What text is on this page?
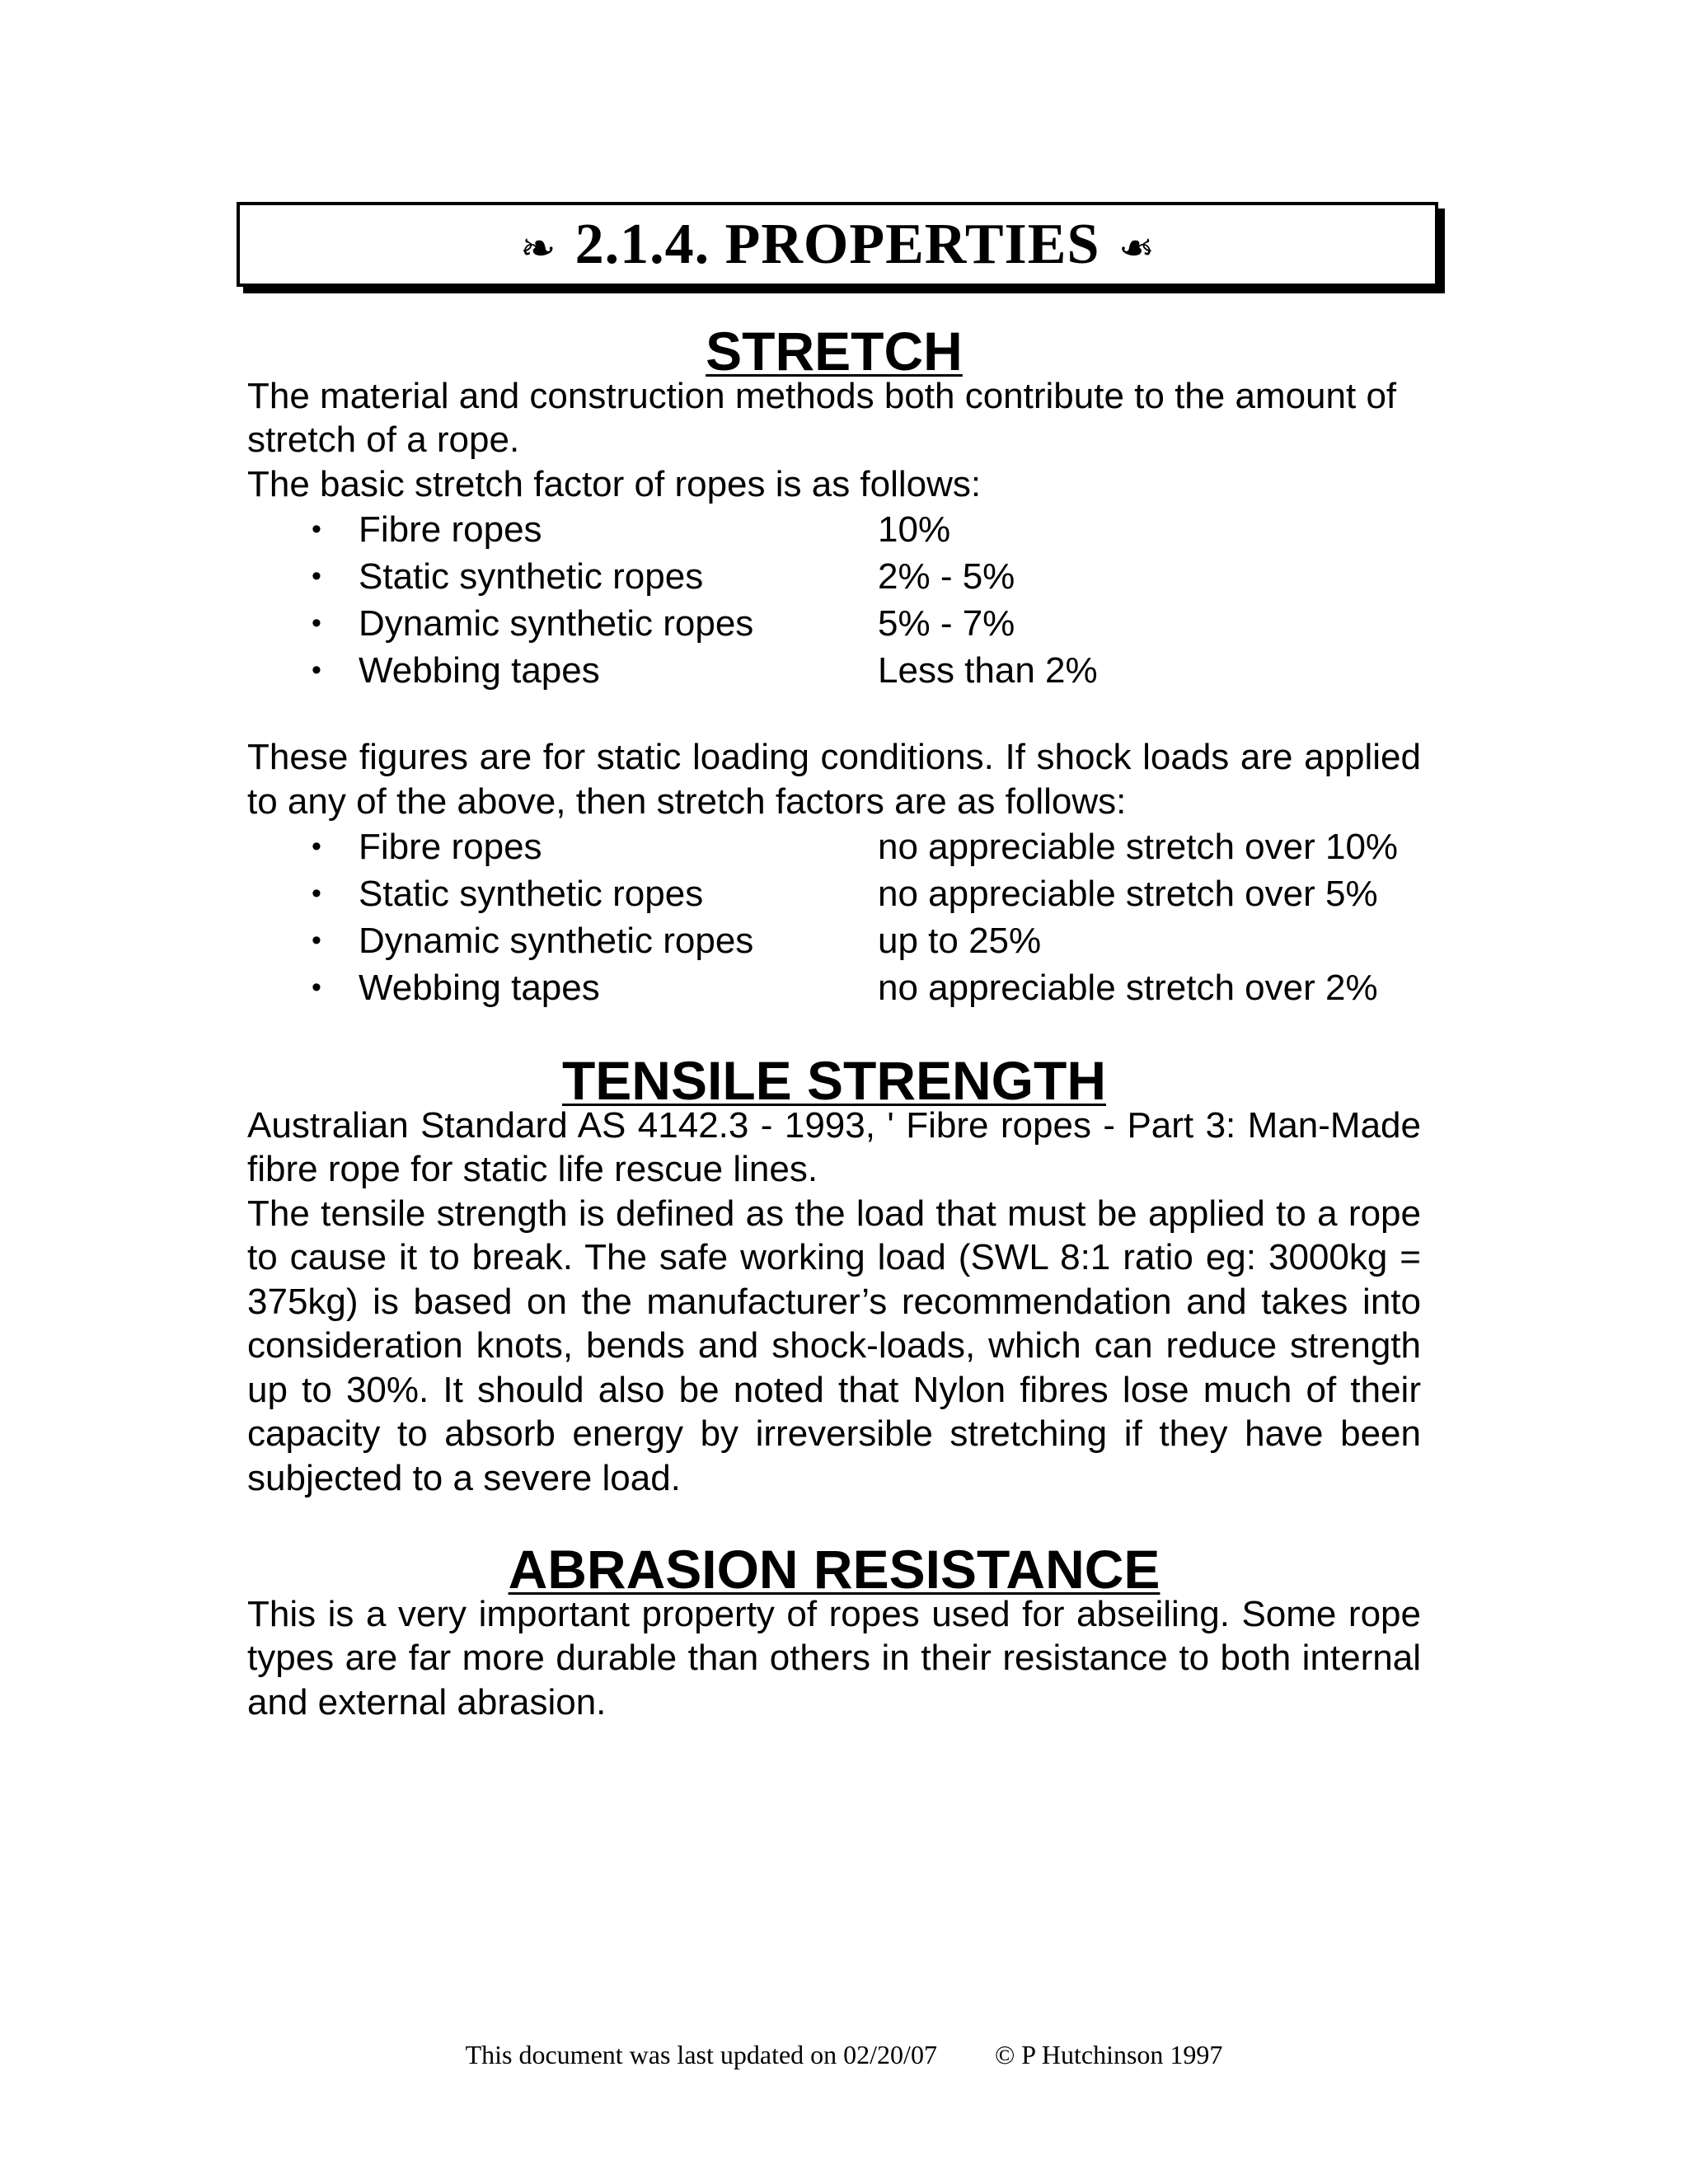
❧ 2.1.4. PROPERTIES ❧
STRETCH

The material and construction methods both contribute to the amount of stretch of a rope.

The basic stretch factor of ropes is as follows:

• Fibre ropes	10%
• Static synthetic ropes	2% - 5%
• Dynamic synthetic ropes	5% - 7%
• Webbing tapes	Less than 2%

These figures are for static loading conditions. If shock loads are applied to any of the above, then stretch factors are as follows:

• Fibre ropes	no appreciable stretch over 10%
• Static synthetic ropes	no appreciable stretch over 5%
• Dynamic synthetic ropes	up to 25%
• Webbing tapes	no appreciable stretch over 2%
TENSILE STRENGTH

Australian Standard AS 4142.3 - 1993, ' Fibre ropes - Part 3: Man-Made fibre rope for static life rescue lines.

The tensile strength is defined as the load that must be applied to a rope to cause it to break. The safe working load (SWL 8:1 ratio eg: 3000kg = 375kg) is based on the manufacturer’s recommendation and takes into consideration knots, bends and shock-loads, which can reduce strength up to 30%. It should also be noted that Nylon fibres lose much of their capacity to absorb energy by irreversible stretching if they have been subjected to a severe load.

ABRASION RESISTANCE

This is a very important property of ropes used for abseiling. Some rope types are far more durable than others in their resistance to both internal and external abrasion.

This document was last updated on 02/20/07 © P Hutchinson 1997
